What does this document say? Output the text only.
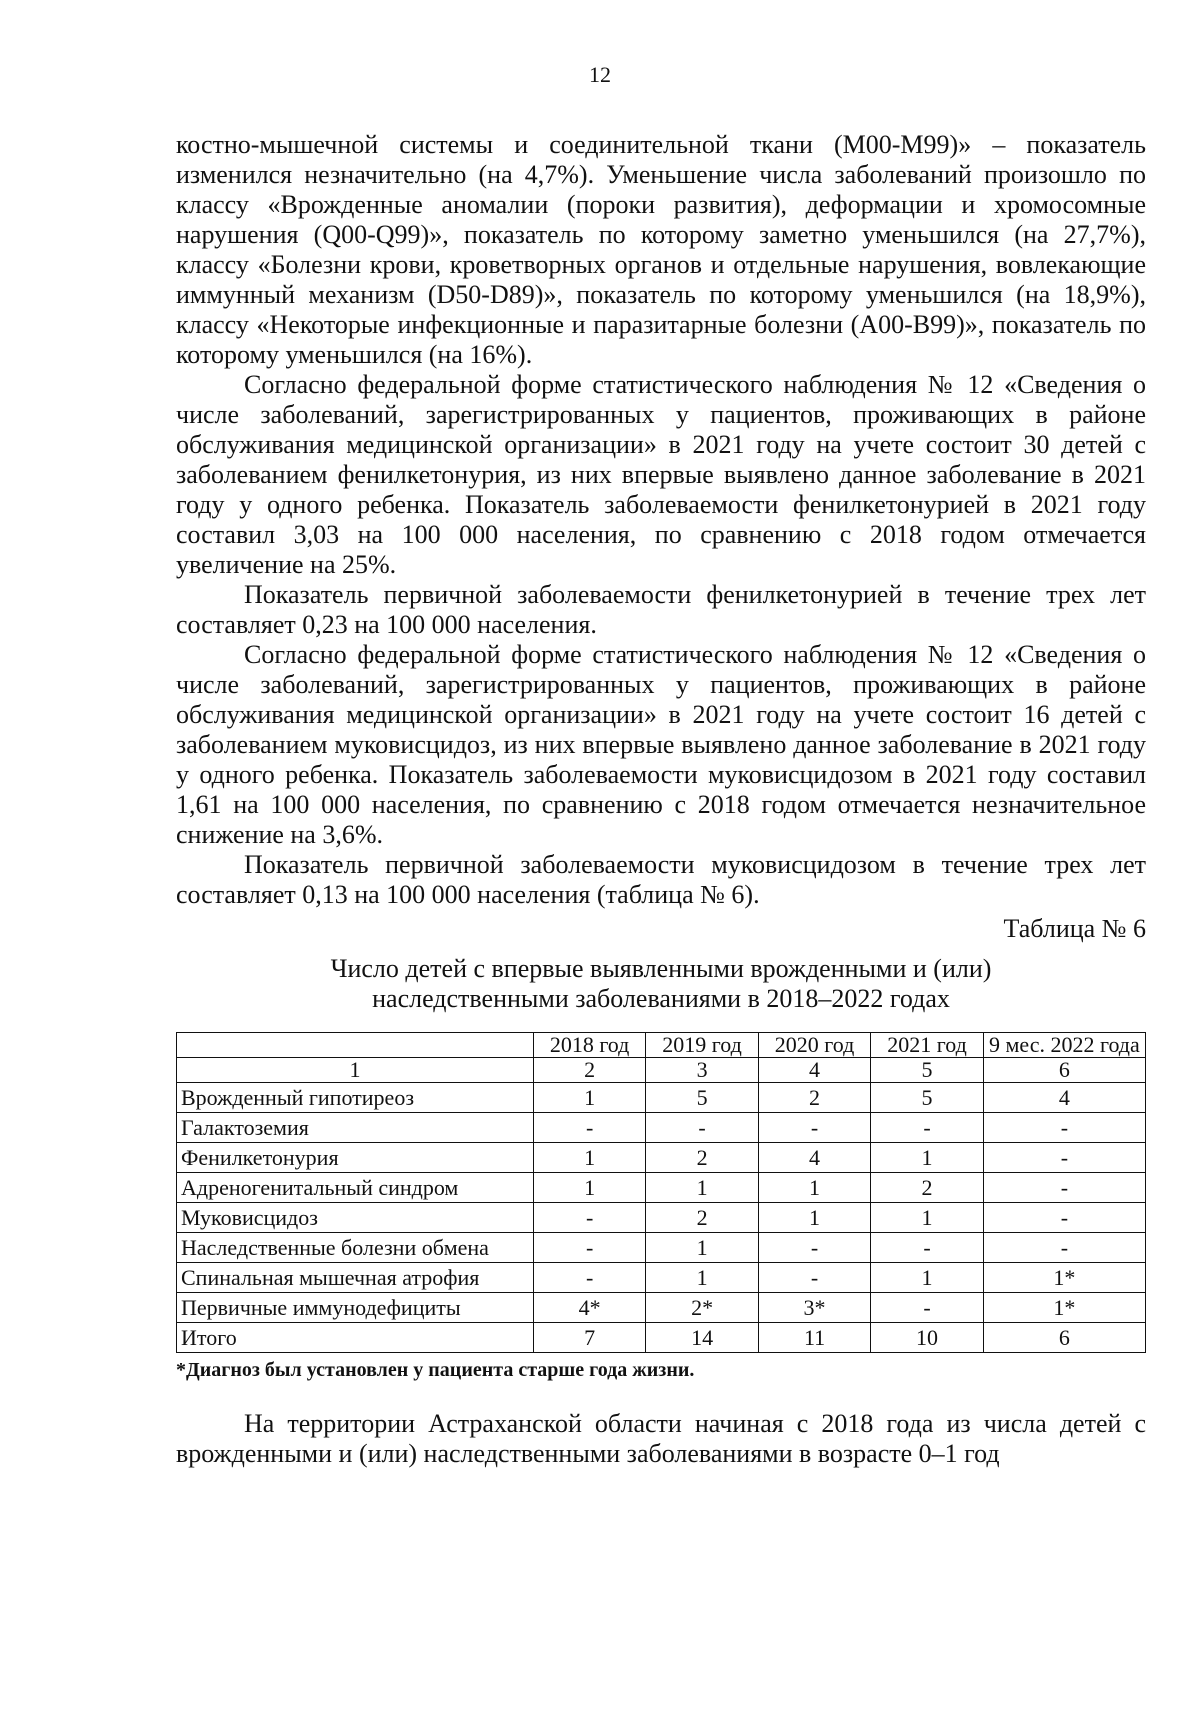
12

костно-мышечной системы и соединительной ткани (M00-M99)» – показатель изменился незначительно (на 4,7%). Уменьшение числа заболеваний произошло по классу «Врожденные аномалии (пороки развития), деформации и хромосомные нарушения (Q00-Q99)», показатель по которому заметно уменьшился (на 27,7%), классу «Болезни крови, кроветворных органов и отдельные нарушения, вовлекающие иммунный механизм (D50-D89)», показатель по которому уменьшился (на 18,9%), классу «Некоторые инфекционные и паразитарные болезни (А00-В99)», показатель по которому уменьшился (на 16%).

Согласно федеральной форме статистического наблюдения № 12 «Сведения о числе заболеваний, зарегистрированных у пациентов, проживающих в районе обслуживания медицинской организации» в 2021 году на учете состоит 30 детей с заболеванием фенилкетонурия, из них впервые выявлено данное заболевание в 2021 году у одного ребенка. Показатель заболеваемости фенилкетонурией в 2021 году составил 3,03 на 100 000 населения, по сравнению с 2018 годом отмечается увеличение на 25%.

Показатель первичной заболеваемости фенилкетонурией в течение трех лет составляет 0,23 на 100 000 населения.

Согласно федеральной форме статистического наблюдения № 12 «Сведения о числе заболеваний, зарегистрированных у пациентов, проживающих в районе обслуживания медицинской организации» в 2021 году на учете состоит 16 детей с заболеванием муковисцидоз, из них впервые выявлено данное заболевание в 2021 году у одного ребенка. Показатель заболеваемости муковисцидозом в 2021 году составил 1,61 на 100 000 населения, по сравнению с 2018 годом отмечается незначительное снижение на 3,6%.

Показатель первичной заболеваемости муковисцидозом в течение трех лет составляет 0,13 на 100 000 населения (таблица № 6).

Таблица № 6
Число детей с впервые выявленными врожденными и (или)
наследственными заболеваниями в 2018–2022 годах
	2018 год	2019 год	2020 год	2021 год	9 мес. 2022 года
1	2	3	4	5	6
Врожденный гипотиреоз	1	5	2	5	4
Галактоземия	-	-	-	-	-
Фенилкетонурия	1	2	4	1	-
Адреногенитальный синдром	1	1	1	2	-
Муковисцидоз	-	2	1	1	-
Наследственные болезни обмена	-	1	-	-	-
Спинальная мышечная атрофия	-	1	-	1	1*
Первичные иммунодефициты	4*	2*	3*	-	1*
Итого	7	14	11	10	6
*Диагноз был установлен у пациента старше года жизни.

На территории Астраханской области начиная с 2018 года из числа детей с врожденными и (или) наследственными заболеваниями в возрасте 0–1 год
